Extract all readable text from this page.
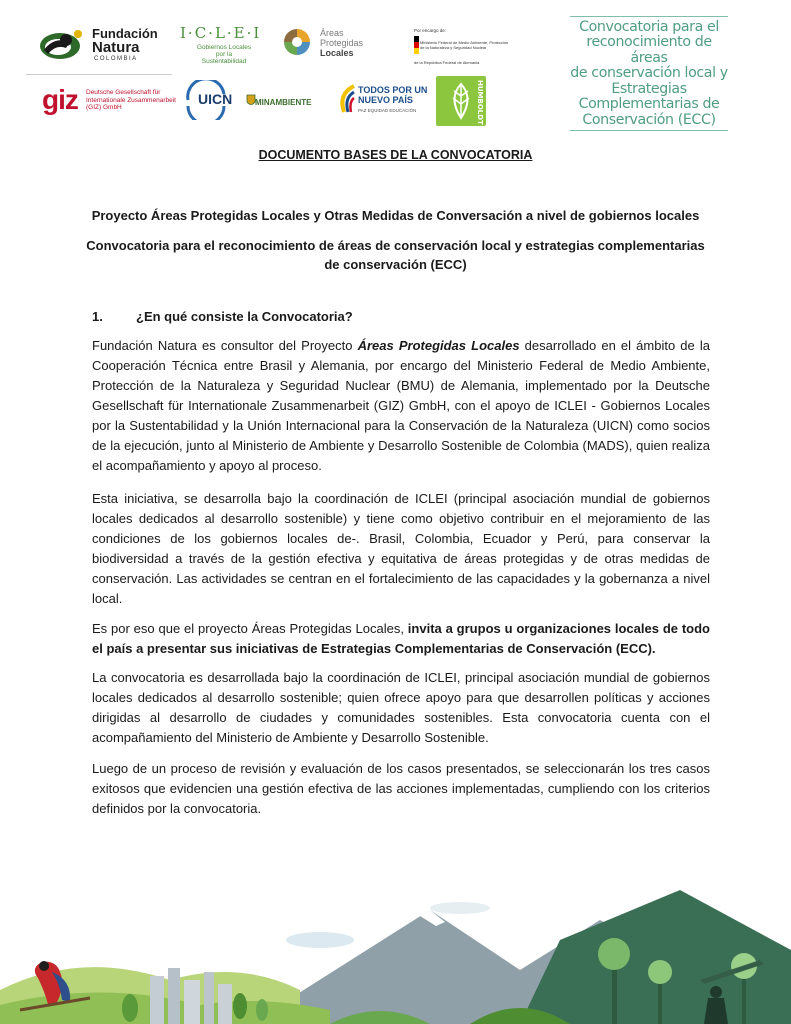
Fundación
Natura
COLOMBIA
I·C·L·E·I
Gobiernos Locales por la Sustentabilidad
Áreas
Protegidas
Locales
Por encargo de:
Ministerio Federal de Medio Ambiente, Protección de la Naturaleza y Seguridad Nuclear
de la República Federal de Alemania
giz Deutsche Gesellschaft für Internationale Zusammenarbeit (GIZ) GmbH
UICN	MINAMBIENTE
TODOS POR UN
NUEVO PAÍS
PAZ EQUIDAD EDUCACIÓN	HUMBOLDT
Convocatoria para el
reconocimiento de áreas
de conservación local y
Estrategias
Complementarias de
Conservación (ECC)
DOCUMENTO BASES DE LA CONVOCATORIA
Proyecto Áreas Protegidas Locales y Otras Medidas de Conversación a nivel de gobiernos locales
Convocatoria para el reconocimiento de áreas de conservación local y estrategias complementarias de conservación (ECC)
1.	¿En qué consiste la Convocatoria?
Fundación Natura es consultor del Proyecto Áreas Protegidas Locales desarrollado en el ámbito de la Cooperación Técnica entre Brasil y Alemania, por encargo del Ministerio Federal de Medio Ambiente, Protección de la Naturaleza y Seguridad Nuclear (BMU) de Alemania, implementado por la Deutsche Gesellschaft für Internationale Zusammenarbeit (GIZ) GmbH, con el apoyo de ICLEI - Gobiernos Locales por la Sustentabilidad y la Unión Internacional para la Conservación de la Naturaleza (UICN) como socios de la ejecución, junto al Ministerio de Ambiente y Desarrollo Sostenible de Colombia (MADS), quien realiza el acompañamiento y apoyo al proceso.
Esta iniciativa, se desarrolla bajo la coordinación de ICLEI (principal asociación mundial de gobiernos locales dedicados al desarrollo sostenible) y tiene como objetivo contribuir en el mejoramiento de las condiciones de los gobiernos locales de-. Brasil, Colombia, Ecuador y Perú, para conservar la biodiversidad a través de la gestión efectiva y equitativa de áreas protegidas y de otras medidas de conservación. Las actividades se centran en el fortalecimiento de las capacidades y la gobernanza a nivel local.
Es por eso que el proyecto Áreas Protegidas Locales, invita a grupos u organizaciones locales de todo el país a presentar sus iniciativas de Estrategias Complementarias de Conservación (ECC).
La convocatoria es desarrollada bajo la coordinación de ICLEI, principal asociación mundial de gobiernos locales dedicados al desarrollo sostenible; quien ofrece apoyo para que desarrollen políticas y acciones dirigidas al desarrollo de ciudades y comunidades sostenibles. Esta convocatoria cuenta con el acompañamiento del Ministerio de Ambiente y Desarrollo Sostenible.
Luego de un proceso de revisión y evaluación de los casos presentados, se seleccionarán los tres casos exitosos que evidencien una gestión efectiva de las acciones implementadas, cumpliendo con los criterios definidos por la convocatoria.
